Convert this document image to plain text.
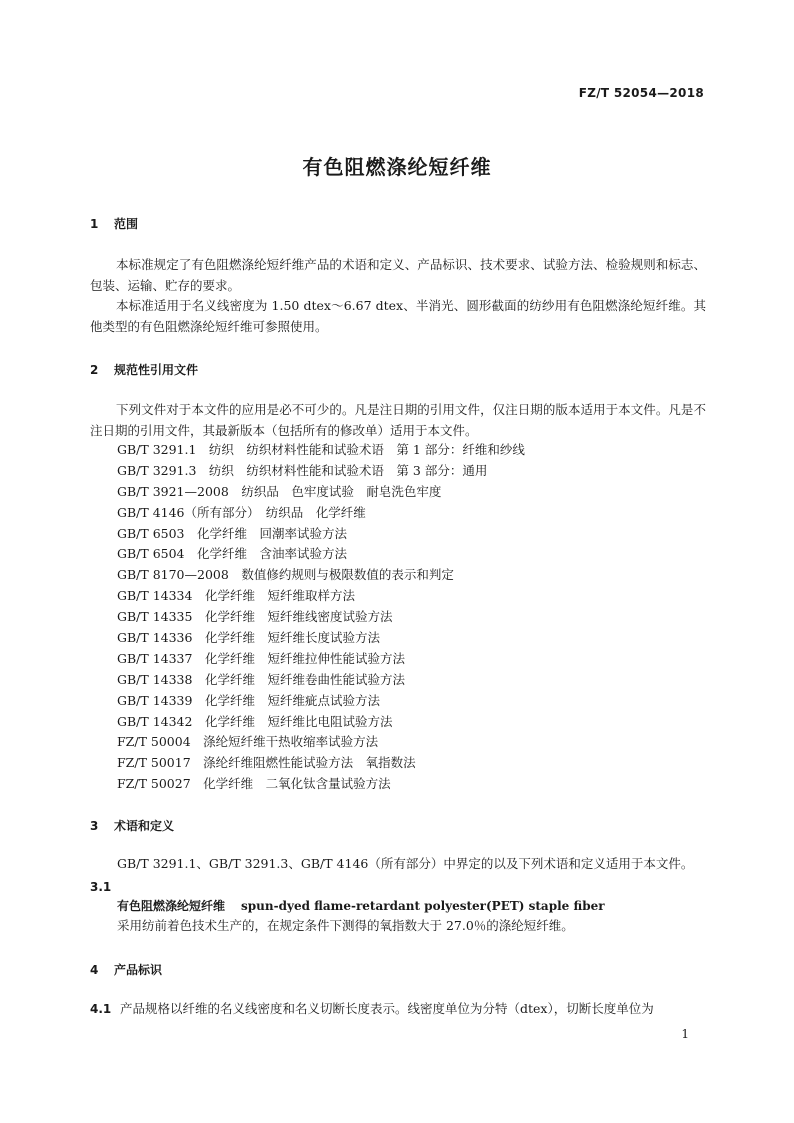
FZ/T 52054—2018
有色阻燃涤纶短纤维
1 范围
本标准规定了有色阻燃涤纶短纤维产品的术语和定义、产品标识、技术要求、试验方法、检验规则和标志、包装、运输、贮存的要求。
本标准适用于名义线密度为 1.50 dtex～6.67 dtex、半消光、圆形截面的纺纱用有色阻燃涤纶短纤维。其他类型的有色阻燃涤纶短纤维可参照使用。
2 规范性引用文件
下列文件对于本文件的应用是必不可少的。凡是注日期的引用文件，仅注日期的版本适用于本文件。凡是不注日期的引用文件，其最新版本（包括所有的修改单）适用于本文件。
GB/T 3291.1　纺织　纺织材料性能和试验术语　第 1 部分：纤维和纱线
GB/T 3291.3　纺织　纺织材料性能和试验术语　第 3 部分：通用
GB/T 3921—2008　纺织品　色牢度试验　耐皂洗色牢度
GB/T 4146（所有部分）　纺织品　化学纤维
GB/T 6503　化学纤维　回潮率试验方法
GB/T 6504　化学纤维　含油率试验方法
GB/T 8170—2008　数值修约规则与极限数值的表示和判定
GB/T 14334　化学纤维　短纤维取样方法
GB/T 14335　化学纤维　短纤维线密度试验方法
GB/T 14336　化学纤维　短纤维长度试验方法
GB/T 14337　化学纤维　短纤维拉伸性能试验方法
GB/T 14338　化学纤维　短纤维卷曲性能试验方法
GB/T 14339　化学纤维　短纤维疵点试验方法
GB/T 14342　化学纤维　短纤维比电阻试验方法
FZ/T 50004　涤纶短纤维干热收缩率试验方法
FZ/T 50017　涤纶纤维阻燃性能试验方法　氧指数法
FZ/T 50027　化学纤维　二氧化钛含量试验方法
3 术语和定义
GB/T 3291.1、GB/T 3291.3、GB/T 4146（所有部分）中界定的以及下列术语和定义适用于本文件。
3.1
有色阻燃涤纶短纤维 spun-dyed flame-retardant polyester(PET) staple fiber
采用纺前着色技术生产的，在规定条件下测得的氧指数大于 27.0％的涤纶短纤维。
4 产品标识
4.1 产品规格以纤维的名义线密度和名义切断长度表示。线密度单位为分特（dtex），切断长度单位为
1
